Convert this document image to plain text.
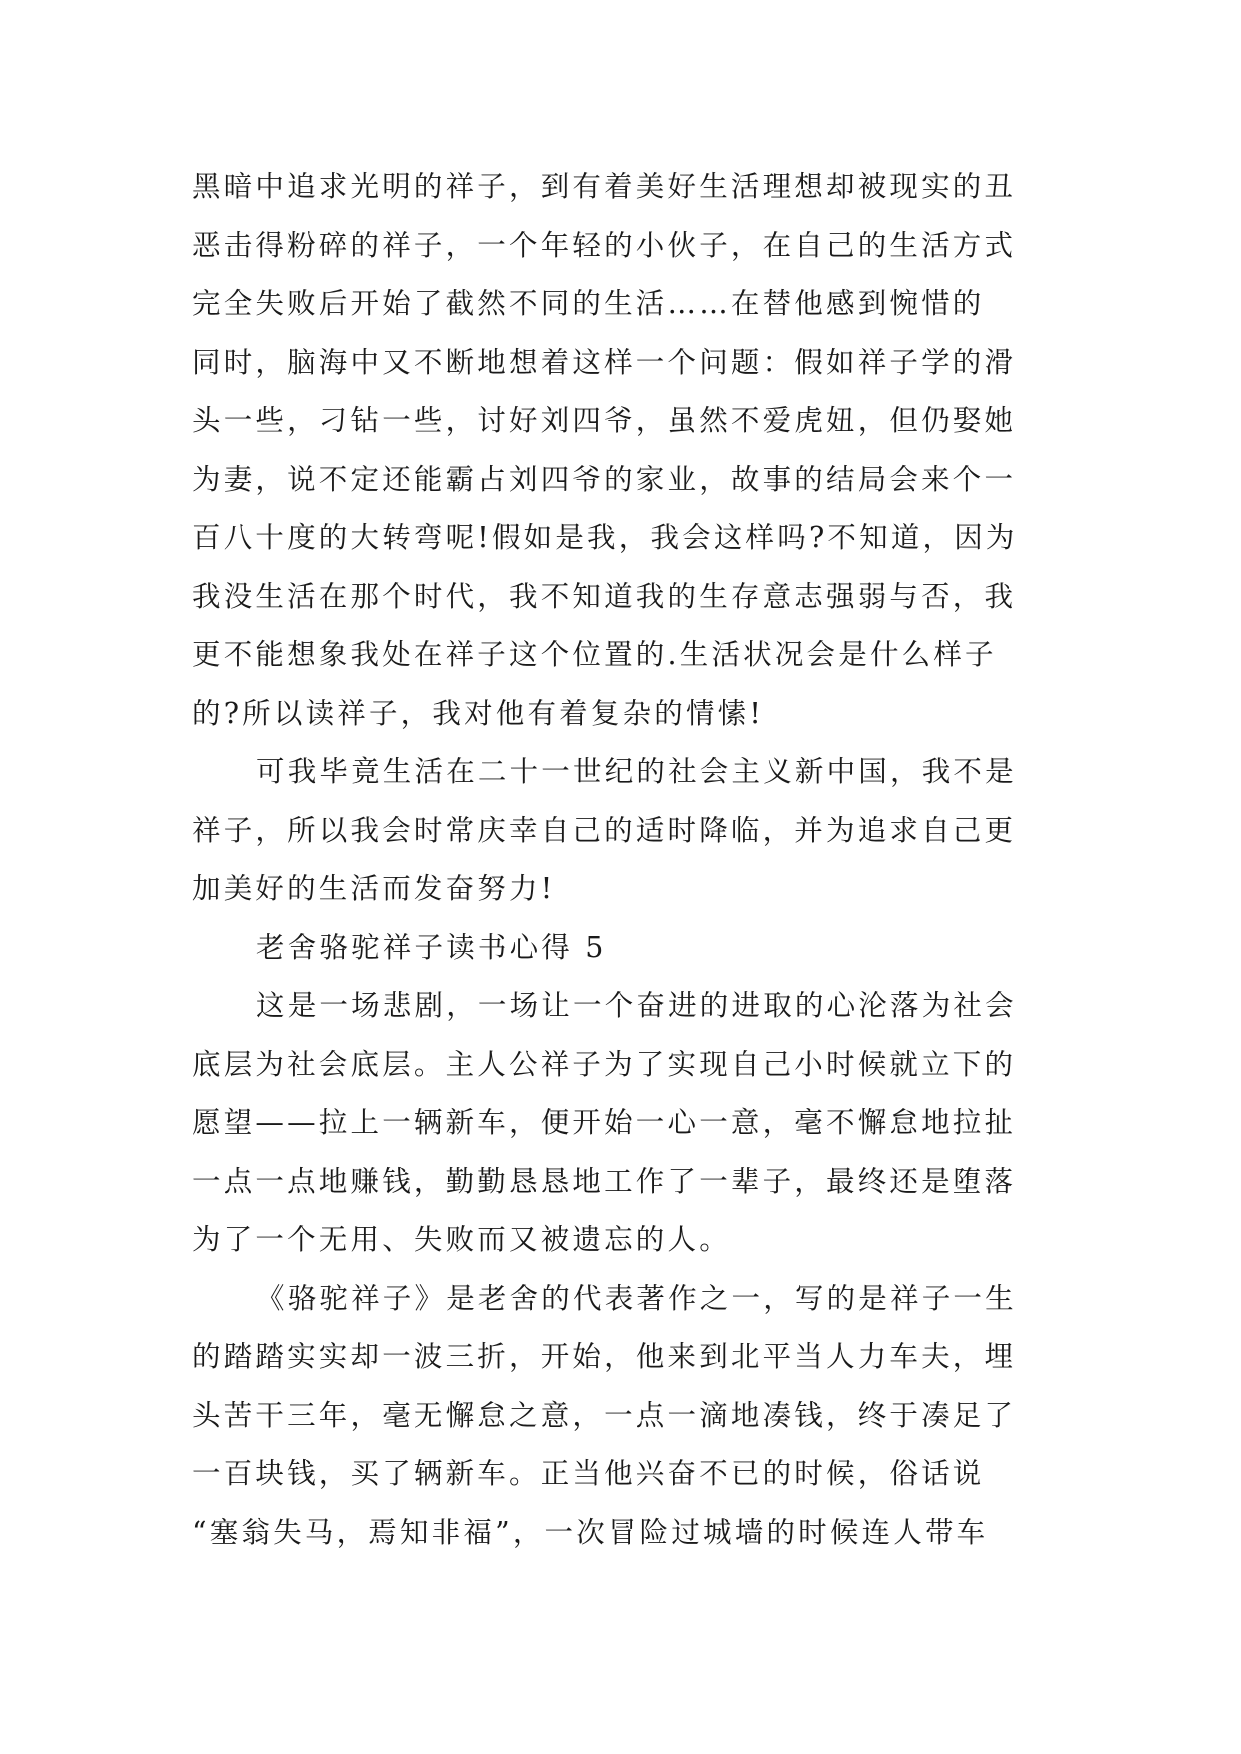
黑暗中追求光明的祥子，到有着美好生活理想却被现实的丑
恶击得粉碎的祥子，一个年轻的小伙子，在自己的生活方式
完全失败后开始了截然不同的生活……在替他感到惋惜的
同时，脑海中又不断地想着这样一个问题：假如祥子学的滑
头一些，刁钻一些，讨好刘四爷，虽然不爱虎妞，但仍娶她
为妻，说不定还能霸占刘四爷的家业，故事的结局会来个一
百八十度的大转弯呢!假如是我，我会这样吗?不知道，因为
我没生活在那个时代，我不知道我的生存意志强弱与否，我
更不能想象我处在祥子这个位置的.生活状况会是什么样子
的?所以读祥子，我对他有着复杂的情愫!
可我毕竟生活在二十一世纪的社会主义新中国，我不是
祥子，所以我会时常庆幸自己的适时降临，并为追求自己更
加美好的生活而发奋努力!
老舍骆驼祥子读书心得 5
这是一场悲剧，一场让一个奋进的进取的心沦落为社会
底层为社会底层。主人公祥子为了实现自己小时候就立下的
愿望——拉上一辆新车，便开始一心一意，毫不懈怠地拉扯
一点一点地赚钱，勤勤恳恳地工作了一辈子，最终还是堕落
为了一个无用、失败而又被遗忘的人。
《骆驼祥子》是老舍的代表著作之一，写的是祥子一生
的踏踏实实却一波三折，开始，他来到北平当人力车夫，埋
头苦干三年，毫无懈怠之意，一点一滴地凑钱，终于凑足了
一百块钱，买了辆新车。正当他兴奋不已的时候，俗话说
“塞翁失马，焉知非福”，一次冒险过城墙的时候连人带车
